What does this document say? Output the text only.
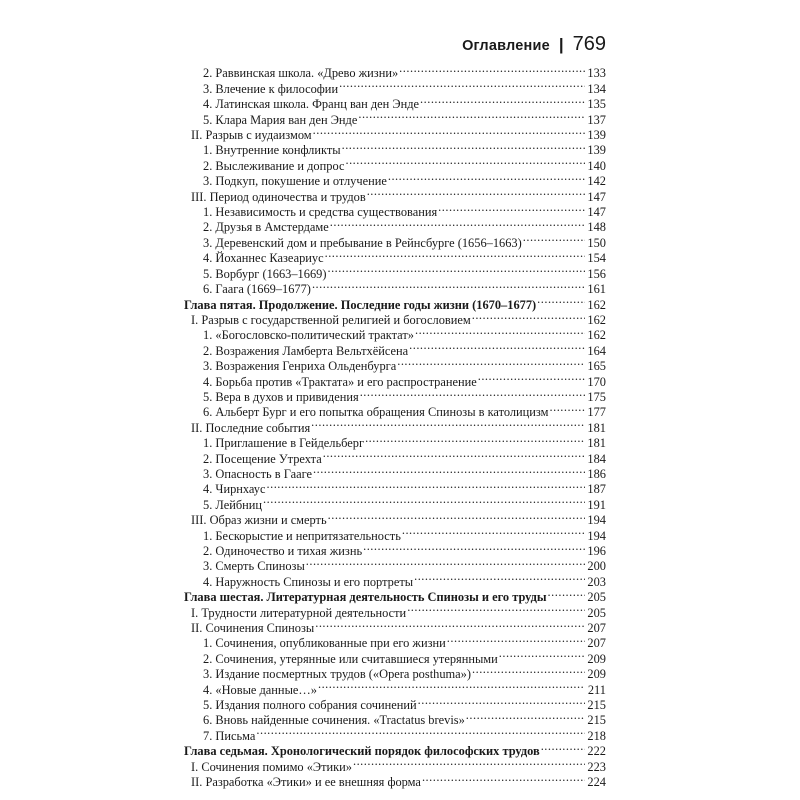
Оглавление | 769
2. Раввинская школа. «Древо жизни» .....	133
3. Влечение к философии .....	134
4. Латинская школа. Франц ван ден Энде .....	135
5. Клара Мария ван ден Энде .....	137
II. Разрыв с иудаизмом .....	139
1. Внутренние конфликты .....	139
2. Выслеживание и допрос .....	140
3. Подкуп, покушение и отлучение .....	142
III. Период одиночества и трудов .....	147
1. Независимость и средства существования .....	147
2. Друзья в Амстердаме .....	148
3. Деревенский дом и пребывание в Рейнсбурге (1656–1663) .....	150
4. Йоханнес Казеариус .....	154
5. Ворбург (1663–1669) .....	156
6. Гаага (1669–1677) .....	161
Глава пятая. Продолжение. Последние годы жизни (1670–1677) .....	162
I. Разрыв с государственной религией и богословием .....	162
1. «Богословско-политический трактат» .....	162
2. Возражения Ламберта Вельтхёйсена .....	164
3. Возражения Генриха Ольденбурга .....	165
4. Борьба против «Трактата» и его распространение .....	170
5. Вера в духов и привидения .....	175
6. Альберт Бург и его попытка обращения Спинозы в католицизм .....	177
II. Последние события .....	181
1. Приглашение в Гейдельберг .....	181
2. Посещение Утрехта .....	184
3. Опасность в Гааге .....	186
4. Чирнхаус .....	187
5. Лейбниц .....	191
III. Образ жизни и смерть .....	194
1. Бескорыстие и непритязательность .....	194
2. Одиночество и тихая жизнь .....	196
3. Смерть Спинозы .....	200
4. Наружность Спинозы и его портреты .....	203
Глава шестая. Литературная деятельность Спинозы и его труды .....	205
I. Трудности литературной деятельности .....	205
II. Сочинения Спинозы .....	207
1. Сочинения, опубликованные при его жизни .....	207
2. Сочинения, утерянные или считавшиеся утерянными .....	209
3. Издание посмертных трудов («Opera posthuma») .....	209
4. «Новые данные…» .....	211
5. Издания полного собрания сочинений .....	215
6. Вновь найденные сочинения. «Tractatus brevis» .....	215
7. Письма .....	218
Глава седьмая. Хронологический порядок философских трудов .....	222
I. Сочинения помимо «Этики» .....	223
II. Разработка «Этики» и ее внешняя форма .....	224
